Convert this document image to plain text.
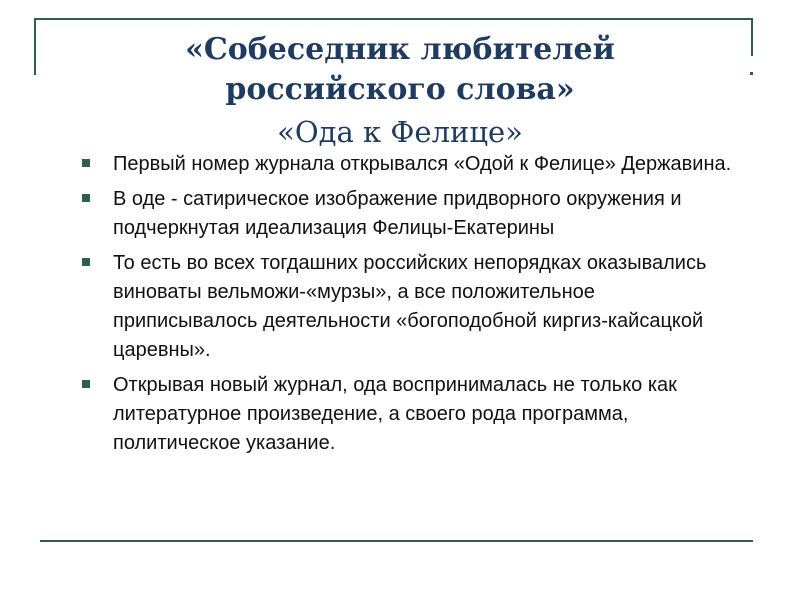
«Собеседник любителей
российского слова»
«Ода к Фелице»
Первый номер журнала открывался «Одой к Фелице» Державина.
В оде - сатирическое изображение придворного окружения и подчеркнутая идеализация Фелицы-Екатерины
То есть во всех тогдашних российских непорядках оказывались виноваты вельможи-«мурзы», а все положительное приписывалось деятельности «богоподобной киргиз-кайсацкой царевны».
Открывая новый журнал, ода воспринималась не только как литературное произведение, а своего рода программа, политическое указание.
